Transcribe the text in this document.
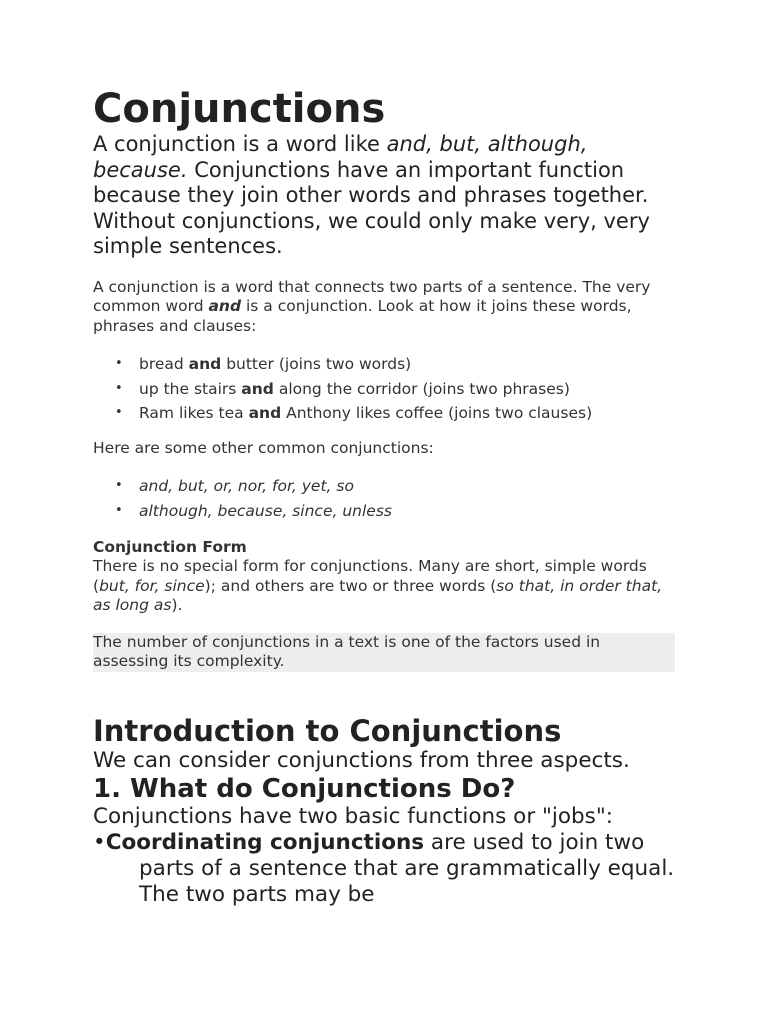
Conjunctions

A conjunction is a word like and, but, although, because. Conjunctions have an important function because they join other words and phrases together. Without conjunctions, we could only make very, very simple sentences.

A conjunction is a word that connects two parts of a sentence. The very common word and is a conjunction. Look at how it joins these words, phrases and clauses:

• bread and butter (joins two words)
• up the stairs and along the corridor (joins two phrases)
• Ram likes tea and Anthony likes coffee (joins two clauses)

Here are some other common conjunctions:

• and, but, or, nor, for, yet, so
• although, because, since, unless

Conjunction Form

There is no special form for conjunctions. Many are short, simple words (but, for, since); and others are two or three words (so that, in order that, as long as).

The number of conjunctions in a text is one of the factors used in assessing its complexity.
Introduction to Conjunctions

We can consider conjunctions from three aspects.

1. What do Conjunctions Do?

Conjunctions have two basic functions or "jobs":

•Coordinating conjunctions are used to join two parts of a sentence that are grammatically equal. The two parts may be
